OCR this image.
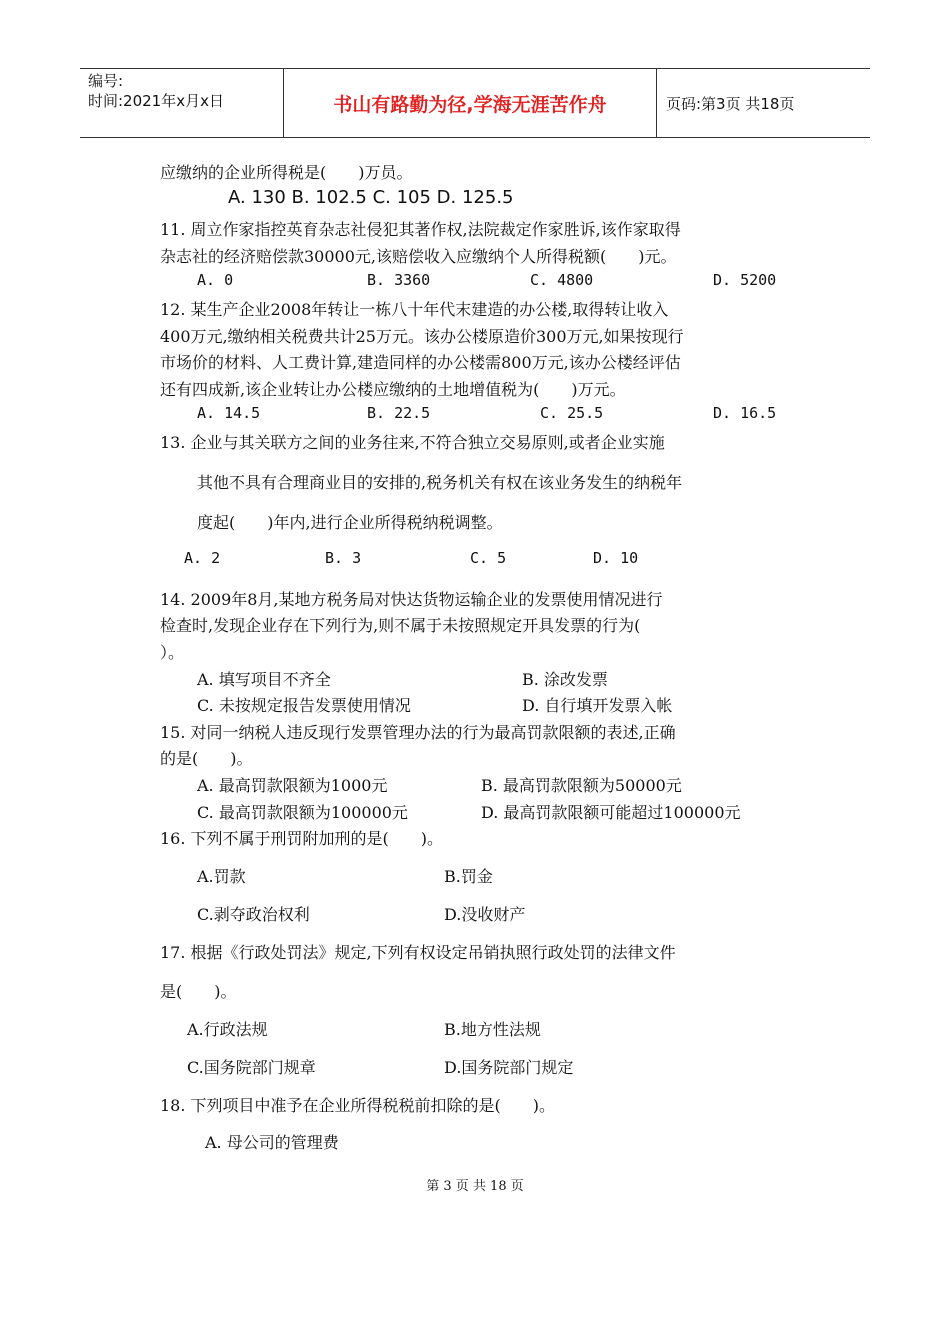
编号:
时间:2021年x月x日	书山有路勤为径,学海无涯苦作舟	页码:第3页 共18页
应缴纳的企业所得税是(　　)万员。
A. 130 B. 102.5 C. 105 D. 125.5
11. 周立作家指控英育杂志社侵犯其著作权,法院裁定作家胜诉,该作家取得
杂志社的经济赔偿款30000元,该赔偿收入应缴纳个人所得税额(　　)元。
A. 0	B. 3360	C. 4800	D. 5200
12. 某生产企业2008年转让一栋八十年代末建造的办公楼,取得转让收入
400万元,缴纳相关税费共计25万元。该办公楼原造价300万元,如果按现行
市场价的材料、人工费计算,建造同样的办公楼需800万元,该办公楼经评估
还有四成新,该企业转让办公楼应缴纳的土地增值税为(　　)万元。
A. 14.5	B. 22.5	C. 25.5	D. 16.5
13. 企业与其关联方之间的业务往来,不符合独立交易原则,或者企业实施
其他不具有合理商业目的安排的,税务机关有权在该业务发生的纳税年
度起(　　)年内,进行企业所得税纳税调整。
A. 2	B. 3	C. 5	D. 10
14. 2009年8月,某地方税务局对快达货物运输企业的发票使用情况进行
检查时,发现企业存在下列行为,则不属于未按照规定开具发票的行为(
）。
A. 填写项目不齐全	B. 涂改发票
C. 未按规定报告发票使用情况	D. 自行填开发票入帐
15. 对同一纳税人违反现行发票管理办法的行为最高罚款限额的表述,正确
的是(　　)。
A. 最高罚款限额为1000元	B. 最高罚款限额为50000元
C. 最高罚款限额为100000元	D. 最高罚款限额可能超过100000元
16. 下列不属于刑罚附加刑的是(　　)。
A.罚款	B.罚金
C.剥夺政治权利	D.没收财产
17. 根据《行政处罚法》规定,下列有权设定吊销执照行政处罚的法律文件
是(　　)。
A.行政法规	B.地方性法规
C.国务院部门规章	D.国务院部门规定
18. 下列项目中准予在企业所得税税前扣除的是(　　)。
A. 母公司的管理费
第 3 页 共 18 页
